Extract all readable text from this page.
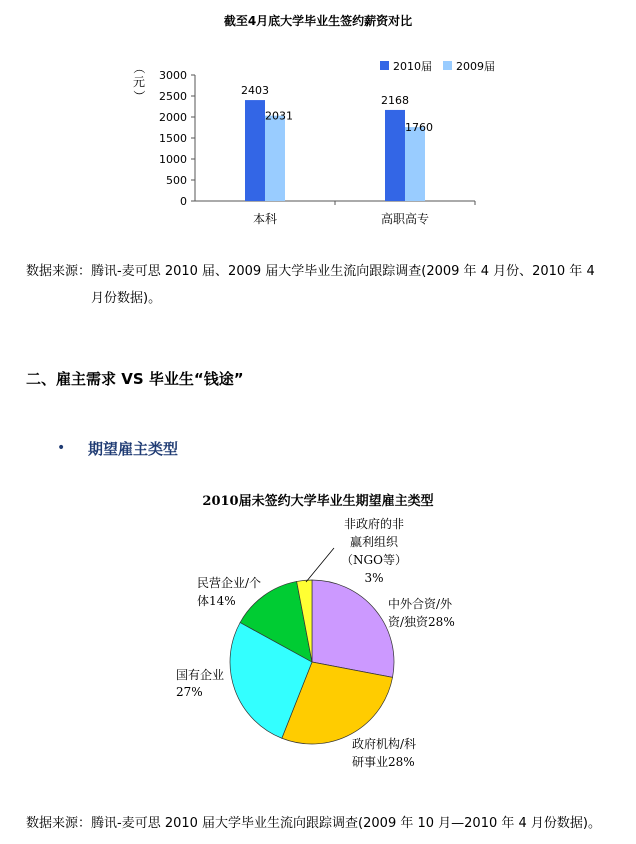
截至4月底大学毕业生签约薪资对比
0
500
1000
1500
2000
2500
3000
本科	高职高专
2403
2031
2168
1760
2010届 2009届
（
元
）
数据来源：腾讯-麦可思 2010 届、2009 届大学毕业生流向跟踪调查(2009 年 4 月份、2010 年 4
月份数据)。
二、雇主需求 VS 毕业生“钱途”
• 期望雇主类型
2010届未签约大学毕业生期望雇主类型
中外合资/外
资/独资28%
政府机构/科
研事业28%
国有企业
27%
民营企业/个
体14%
非政府的非
赢利组织
（NGO等）
3%
数据来源：腾讯-麦可思 2010 届大学毕业生流向跟踪调查(2009 年 10 月—2010 年 4 月份数据)。
